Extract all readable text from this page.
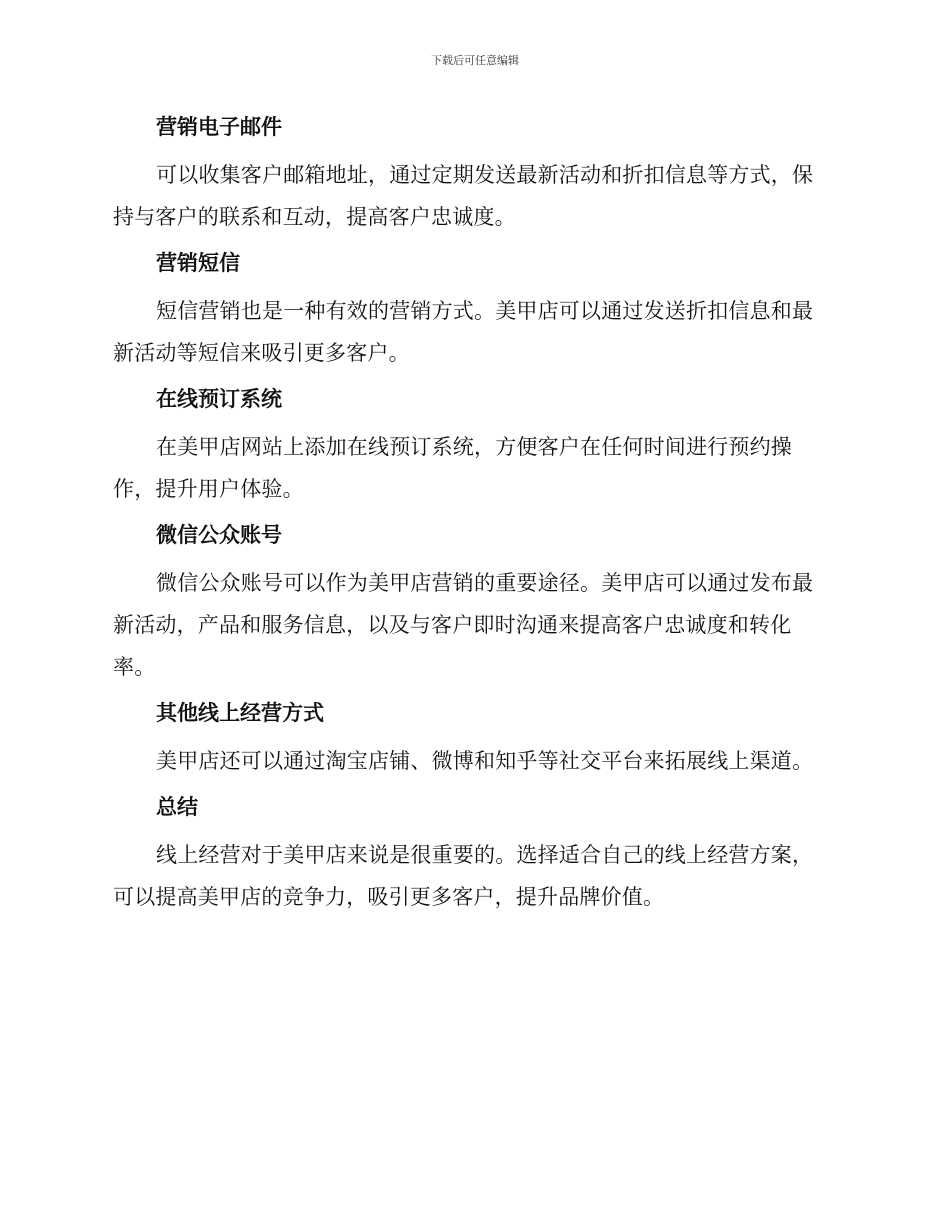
下载后可任意编辑
营销电子邮件

可以收集客户邮箱地址，通过定期发送最新活动和折扣信息等方式，保持与客户的联系和互动，提高客户忠诚度。

营销短信

短信营销也是一种有效的营销方式。美甲店可以通过发送折扣信息和最新活动等短信来吸引更多客户。

在线预订系统

在美甲店网站上添加在线预订系统，方便客户在任何时间进行预约操作，提升用户体验。

微信公众账号

微信公众账号可以作为美甲店营销的重要途径。美甲店可以通过发布最新活动，产品和服务信息，以及与客户即时沟通来提高客户忠诚度和转化率。

其他线上经营方式

美甲店还可以通过淘宝店铺、微博和知乎等社交平台来拓展线上渠道。

总结

线上经营对于美甲店来说是很重要的。选择适合自己的线上经营方案，可以提高美甲店的竞争力，吸引更多客户，提升品牌价值。
